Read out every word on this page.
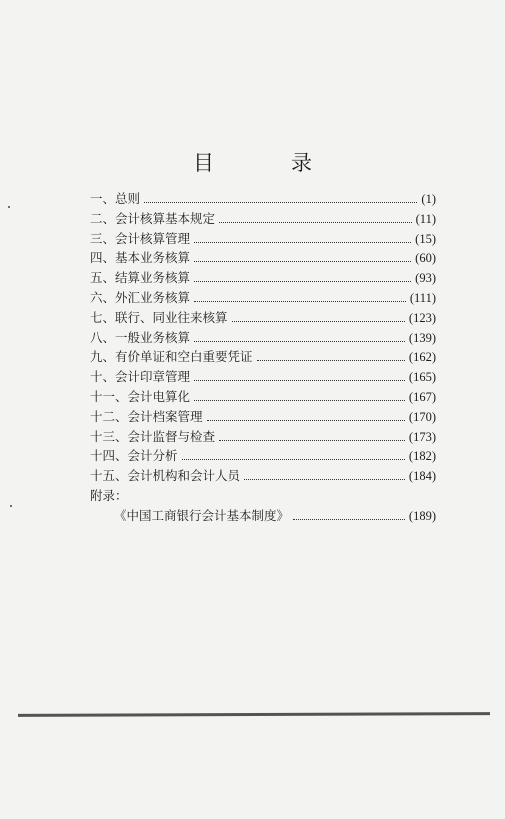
目　录
一、总则	(1)
二、会计核算基本规定	(11)
三、会计核算管理	(15)
四、基本业务核算	(60)
五、结算业务核算	(93)
六、外汇业务核算	(111)
七、联行、同业往来核算	(123)
八、一般业务核算	(139)
九、有价单证和空白重要凭证	(162)
十、会计印章管理	(165)
十一、会计电算化	(167)
十二、会计档案管理	(170)
十三、会计监督与检查	(173)
十四、会计分析	(182)
十五、会计机构和会计人员	(184)
附录：
《中国工商银行会计基本制度》	(189)
